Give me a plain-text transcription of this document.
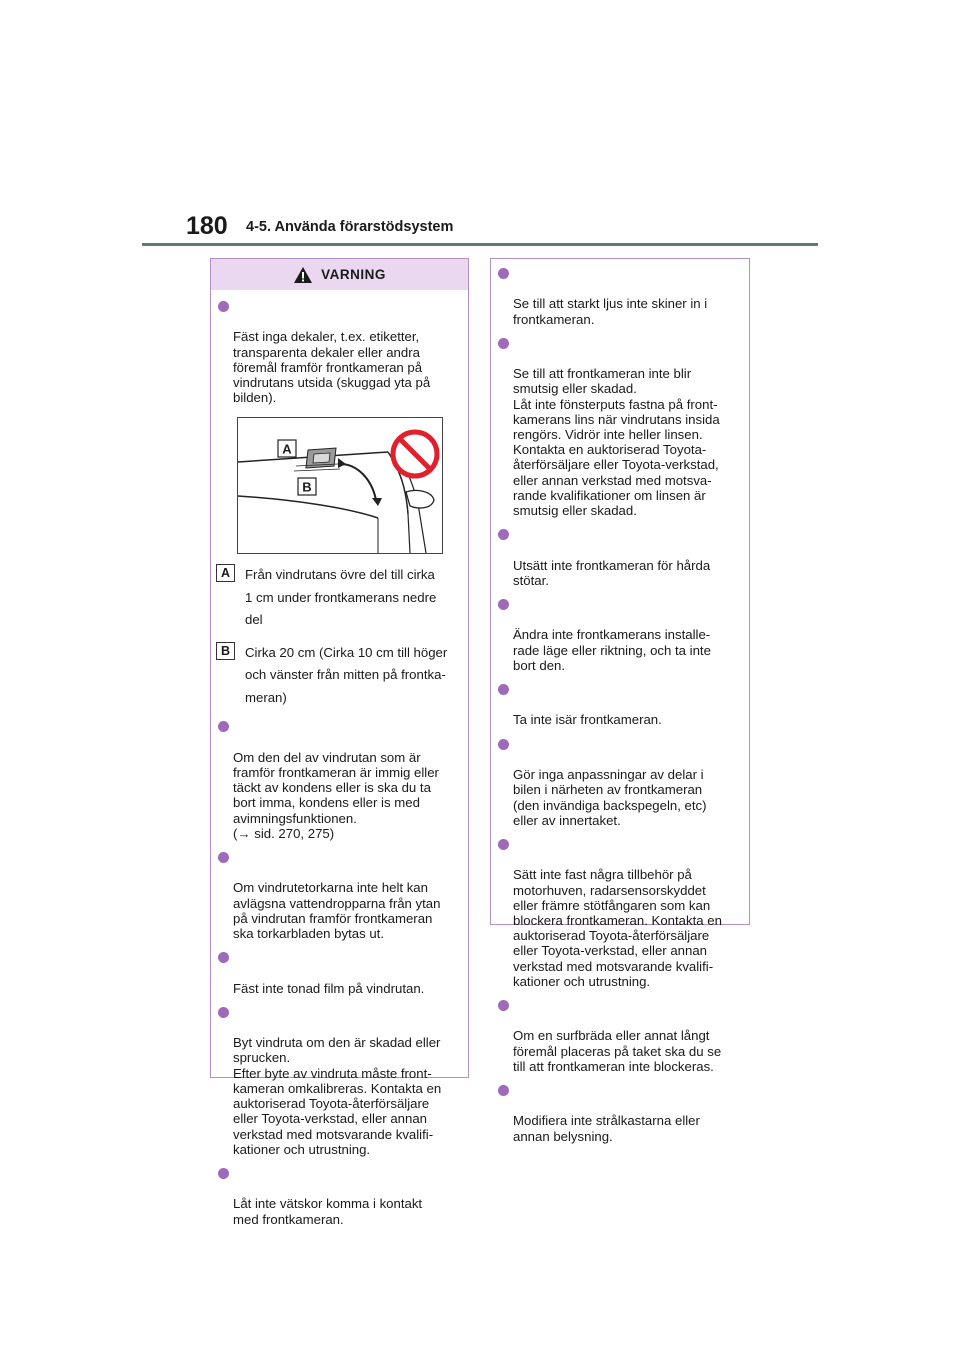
180 4-5. Använda förarstödsystem
VARNING

Fäst inga dekaler, t.ex. etiketter,
transparenta dekaler eller andra
föremål framför frontkameran på
vindrutans utsida (skuggad yta på
bilden).

A
B
A	Från vindrutans övre del till cirka
1 cm under frontkamerans nedre
del
B	Cirka 20 cm (Cirka 10 cm till höger
och vänster från mitten på frontka-
meran)

Om den del av vindrutan som är
framför frontkameran är immig eller
täckt av kondens eller is ska du ta
bort imma, kondens eller is med
avimningsfunktionen.
(→ sid. 270, 275)

Om vindrutetorkarna inte helt kan
avlägsna vattendropparna från ytan
på vindrutan framför frontkameran
ska torkarbladen bytas ut.

Fäst inte tonad film på vindrutan.

Byt vindruta om den är skadad eller
sprucken.
Efter byte av vindruta måste front-
kameran omkalibreras. Kontakta en
auktoriserad Toyota-återförsäljare
eller Toyota-verkstad, eller annan
verkstad med motsvarande kvalifi-
kationer och utrustning.

Låt inte vätskor komma i kontakt
med frontkameran.

Se till att starkt ljus inte skiner in i
frontkameran.

Se till att frontkameran inte blir
smutsig eller skadad.
Låt inte fönsterputs fastna på front-
kamerans lins när vindrutans insida
rengörs. Vidrör inte heller linsen.
Kontakta en auktoriserad Toyota-
återförsäljare eller Toyota-verkstad,
eller annan verkstad med motsva-
rande kvalifikationer om linsen är
smutsig eller skadad.

Utsätt inte frontkameran för hårda
stötar.

Ändra inte frontkamerans installe-
rade läge eller riktning, och ta inte
bort den.

Ta inte isär frontkameran.

Gör inga anpassningar av delar i
bilen i närheten av frontkameran
(den invändiga backspegeln, etc)
eller av innertaket.

Sätt inte fast några tillbehör på
motorhuven, radarsensorskyddet
eller främre stötfångaren som kan
blockera frontkameran. Kontakta en
auktoriserad Toyota-återförsäljare
eller Toyota-verkstad, eller annan
verkstad med motsvarande kvalifi-
kationer och utrustning.

Om en surfbräda eller annat långt
föremål placeras på taket ska du se
till att frontkameran inte blockeras.

Modifiera inte strålkastarna eller
annan belysning.
